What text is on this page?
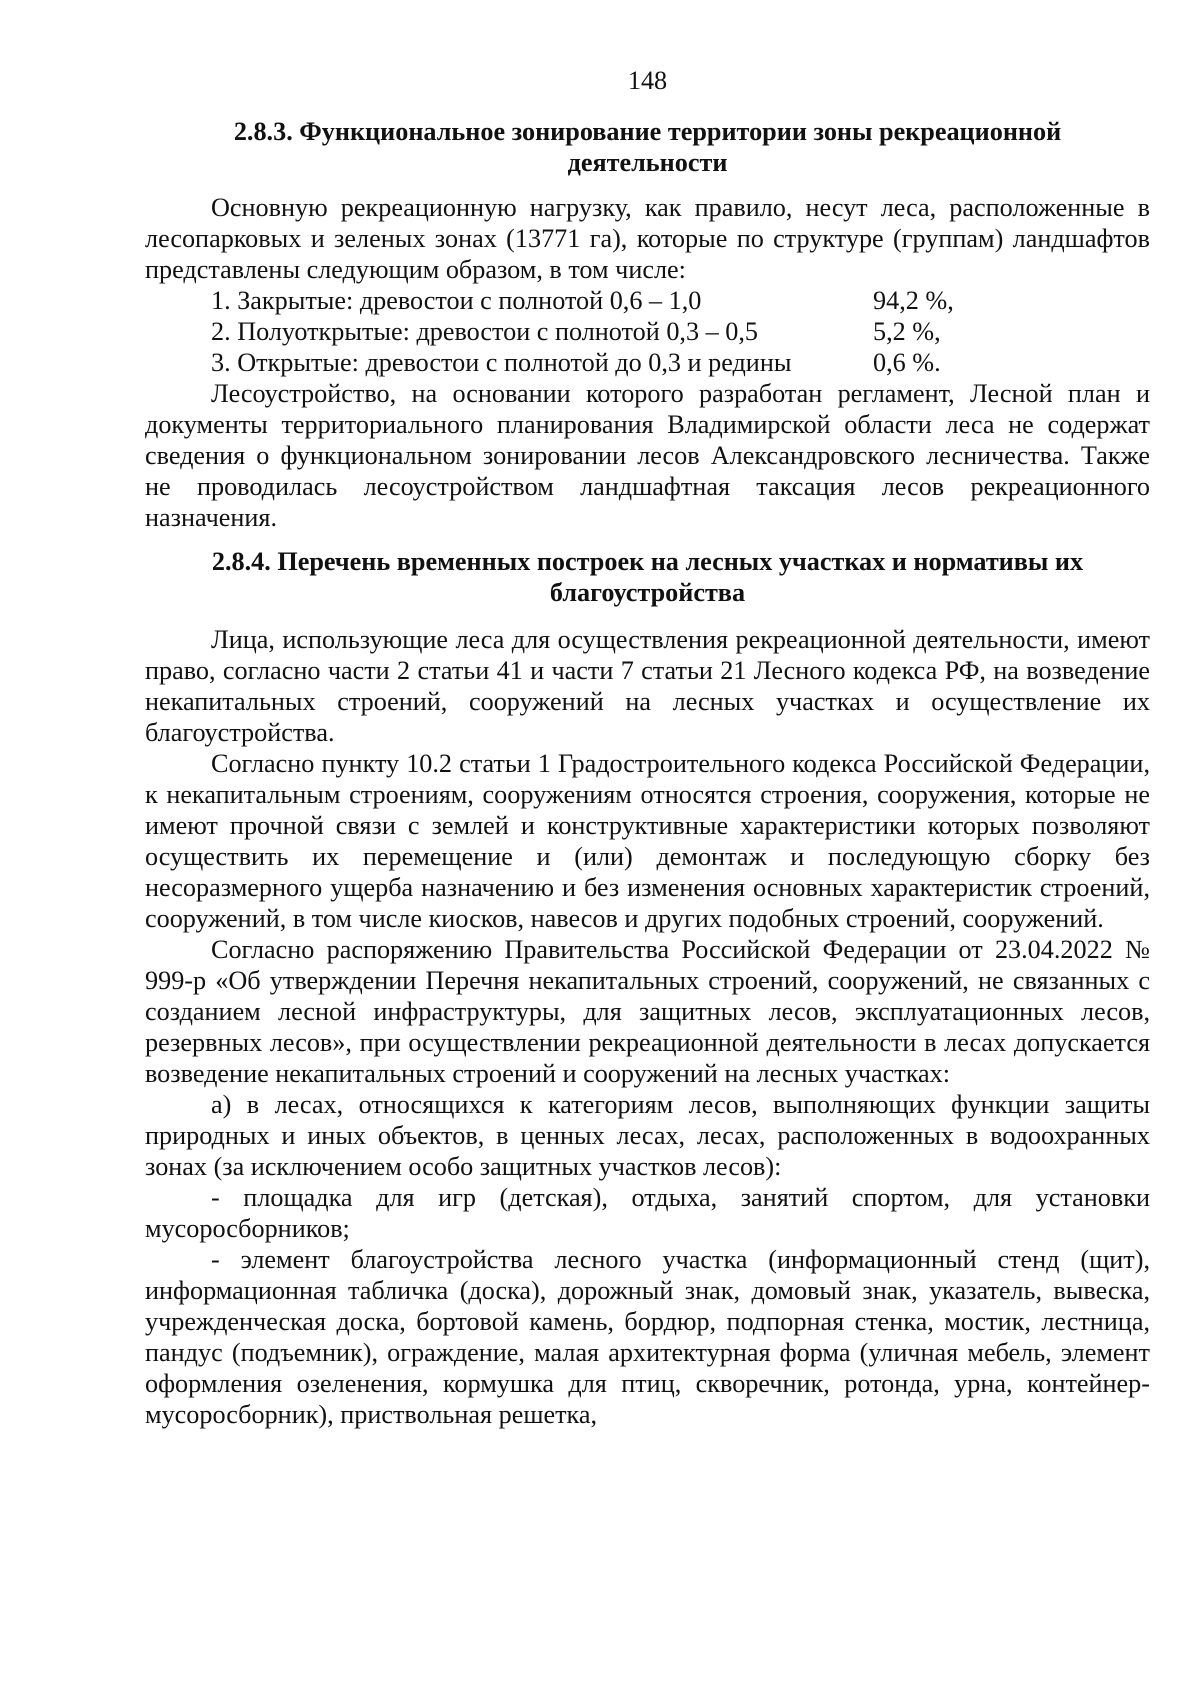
148
2.8.3. Функциональное зонирование территории зоны рекреационной
деятельности

Основную рекреационную нагрузку, как правило, несут леса, расположенные в лесопарковых и зеленых зонах (13771 га), которые по структуре (группам) ландшафтов представлены следующим образом, в том числе:

1. Закрытые: древостои с полнотой 0,6 – 1,0	94,2 %,
2. Полуоткрытые: древостои с полнотой 0,3 – 0,5	5,2 %,
3. Открытые: древостои с полнотой до 0,3 и редины	0,6 %.

Лесоустройство, на основании которого разработан регламент, Лесной план и документы территориального планирования Владимирской области леса не содержат сведения о функциональном зонировании лесов Александровского лесничества. Также не проводилась лесоустройством ландшафтная таксация лесов рекреационного назначения.

2.8.4. Перечень временных построек на лесных участках и нормативы их
благоустройства

Лица, использующие леса для осуществления рекреационной деятельности, имеют право, согласно части 2 статьи 41 и части 7 статьи 21 Лесного кодекса РФ, на возведение некапитальных строений, сооружений на лесных участках и осуществление их благоустройства.

Согласно пункту 10.2 статьи 1 Градостроительного кодекса Российской Федерации, к некапитальным строениям, сооружениям относятся строения, сооружения, которые не имеют прочной связи с землей и конструктивные характеристики которых позволяют осуществить их перемещение и (или) демонтаж и последующую сборку без несоразмерного ущерба назначению и без изменения основных характеристик строений, сооружений, в том числе киосков, навесов и других подобных строений, сооружений.

Согласно распоряжению Правительства Российской Федерации от 23.04.2022 № 999-р «Об утверждении Перечня некапитальных строений, сооружений, не связанных с созданием лесной инфраструктуры, для защитных лесов, эксплуатационных лесов, резервных лесов», при осуществлении рекреационной деятельности в лесах допускается возведение некапитальных строений и сооружений на лесных участках:

а) в лесах, относящихся к категориям лесов, выполняющих функции защиты природных и иных объектов, в ценных лесах, лесах, расположенных в водоохранных зонах (за исключением особо защитных участков лесов):

- площадка для игр (детская), отдыха, занятий спортом, для установки мусоросборников;
- элемент благоустройства лесного участка (информационный стенд (щит), информационная табличка (доска), дорожный знак, домовый знак, указатель, вывеска, учрежденческая доска, бортовой камень, бордюр, подпорная стенка, мостик, лестница, пандус (подъемник), ограждение, малая архитектурная форма (уличная мебель, элемент оформления озеленения, кормушка для птиц, скворечник, ротонда, урна, контейнер-мусоросборник), приствольная решетка,
